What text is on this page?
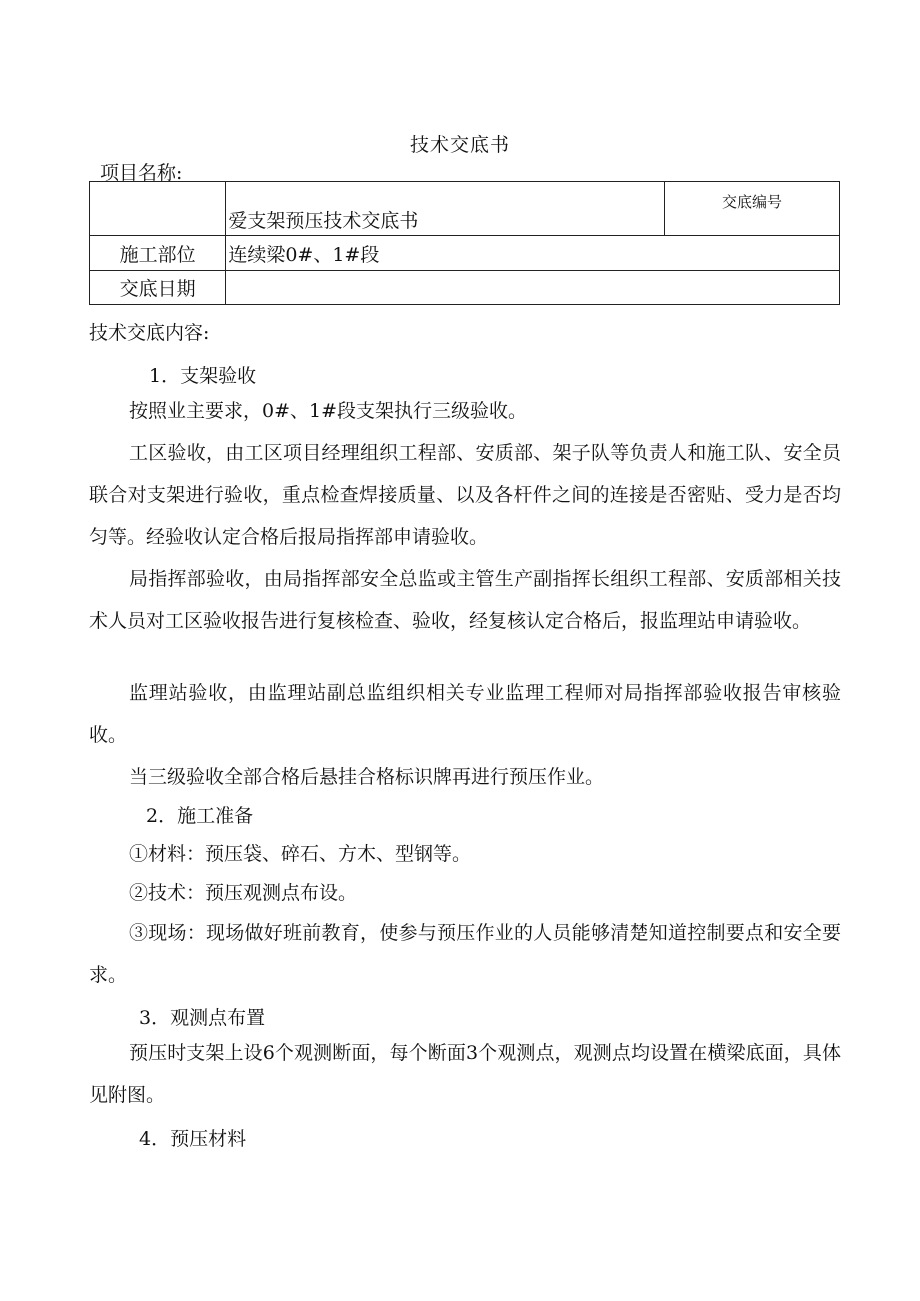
技术交底书
项目名称:
	爱支架预压技术交底书	交底编号
施工部位	连续梁0#、1#段	
交底日期		
技术交底内容:
1．支架验收

按照业主要求，0#、1#段支架执行三级验收。

工区验收，由工区项目经理组织工程部、安质部、架子队等负责人和施工队、安全员联合对支架进行验收，重点检查焊接质量、以及各杆件之间的连接是否密贴、受力是否均匀等。经验收认定合格后报局指挥部申请验收。

局指挥部验收，由局指挥部安全总监或主管生产副指挥长组织工程部、安质部相关技术人员对工区验收报告进行复核检查、验收，经复核认定合格后，报监理站申请验收。

监理站验收，由监理站副总监组织相关专业监理工程师对局指挥部验收报告审核验收。

当三级验收全部合格后悬挂合格标识牌再进行预压作业。

2．施工准备

①材料：预压袋、碎石、方木、型钢等。

②技术：预压观测点布设。

③现场：现场做好班前教育，使参与预压作业的人员能够清楚知道控制要点和安全要求。

3．观测点布置

预压时支架上设6个观测断面，每个断面3个观测点，观测点均设置在横梁底面，具体见附图。

4．预压材料
